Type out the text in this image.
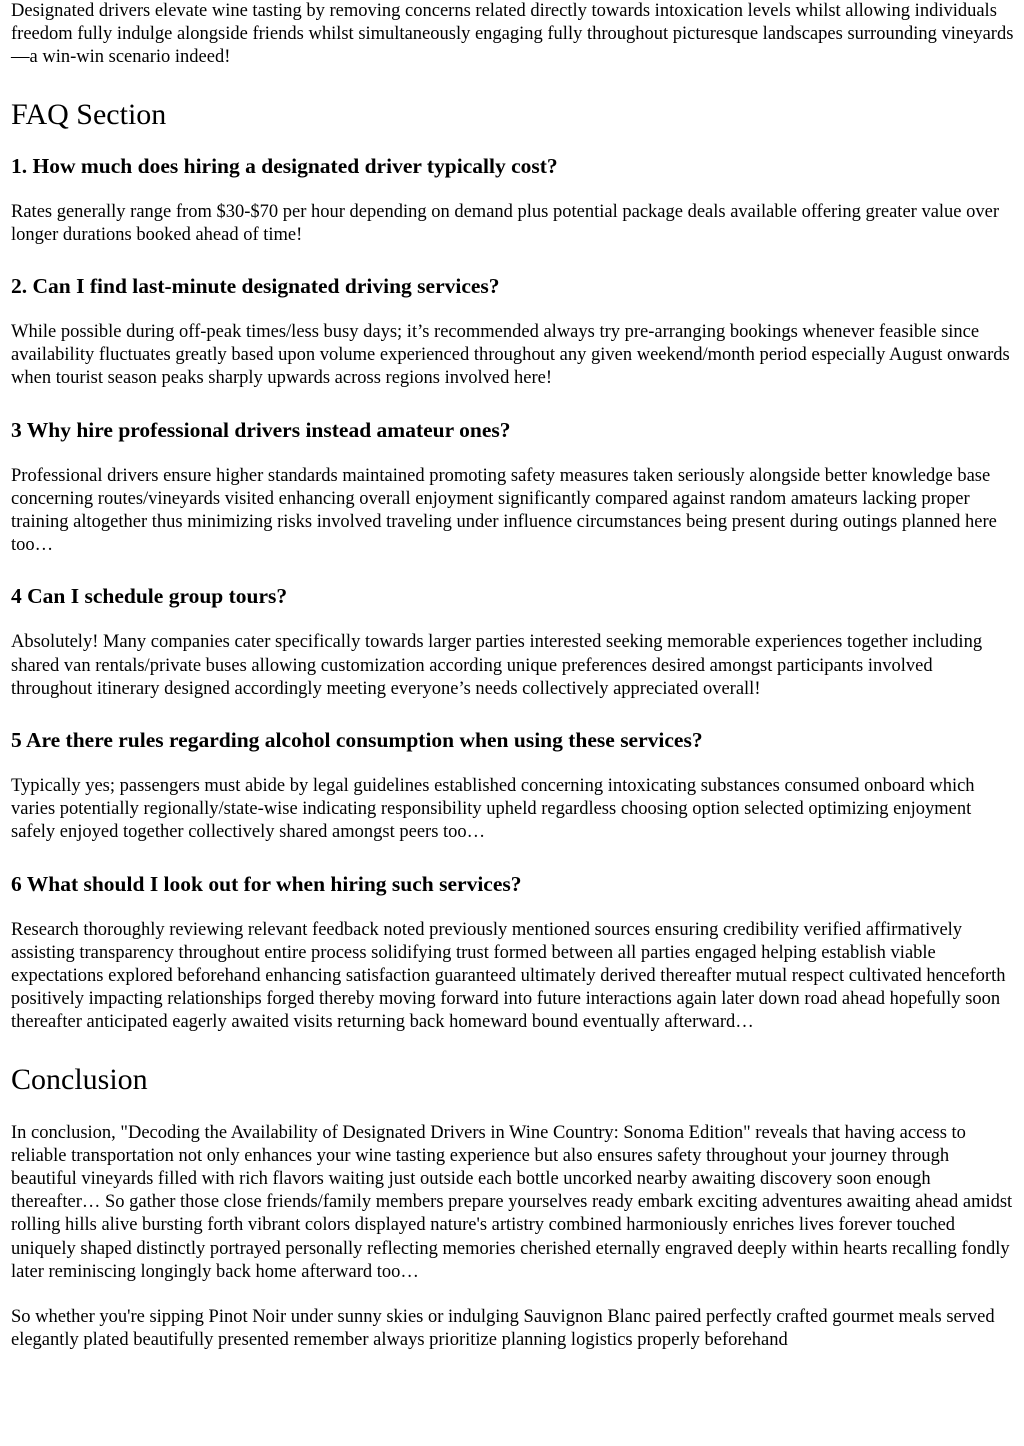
Designated drivers elevate wine tasting by removing concerns related directly towards intoxication levels whilst allowing individuals freedom fully indulge alongside friends whilst simultaneously engaging fully throughout picturesque landscapes surrounding vineyards—a win-win scenario indeed!

FAQ Section
1. How much does hiring a designated driver typically cost?

Rates generally range from $30-$70 per hour depending on demand plus potential package deals available offering greater value over longer durations booked ahead of time!

2. Can I find last-minute designated driving services?

While possible during off-peak times/less busy days; it’s recommended always try pre-arranging bookings whenever feasible since availability fluctuates greatly based upon volume experienced throughout any given weekend/month period especially August onwards when tourist season peaks sharply upwards across regions involved here!

3 Why hire professional drivers instead amateur ones?

Professional drivers ensure higher standards maintained promoting safety measures taken seriously alongside better knowledge base concerning routes/vineyards visited enhancing overall enjoyment significantly compared against random amateurs lacking proper training altogether thus minimizing risks involved traveling under influence circumstances being present during outings planned here too…

4 Can I schedule group tours?

Absolutely! Many companies cater specifically towards larger parties interested seeking memorable experiences together including shared van rentals/private buses allowing customization according unique preferences desired amongst participants involved throughout itinerary designed accordingly meeting everyone’s needs collectively appreciated overall!

5 Are there rules regarding alcohol consumption when using these services?

Typically yes; passengers must abide by legal guidelines established concerning intoxicating substances consumed onboard which varies potentially regionally/state-wise indicating responsibility upheld regardless choosing option selected optimizing enjoyment safely enjoyed together collectively shared amongst peers too…

6 What should I look out for when hiring such services?

Research thoroughly reviewing relevant feedback noted previously mentioned sources ensuring credibility verified affirmatively assisting transparency throughout entire process solidifying trust formed between all parties engaged helping establish viable expectations explored beforehand enhancing satisfaction guaranteed ultimately derived thereafter mutual respect cultivated henceforth positively impacting relationships forged thereby moving forward into future interactions again later down road ahead hopefully soon thereafter anticipated eagerly awaited visits returning back homeward bound eventually afterward…

Conclusion

In conclusion, "Decoding the Availability of Designated Drivers in Wine Country: Sonoma Edition" reveals that having access to reliable transportation not only enhances your wine tasting experience but also ensures safety throughout your journey through beautiful vineyards filled with rich flavors waiting just outside each bottle uncorked nearby awaiting discovery soon enough thereafter… So gather those close friends/family members prepare yourselves ready embark exciting adventures awaiting ahead amidst rolling hills alive bursting forth vibrant colors displayed nature's artistry combined harmoniously enriches lives forever touched uniquely shaped distinctly portrayed personally reflecting memories cherished eternally engraved deeply within hearts recalling fondly later reminiscing longingly back home afterward too…

So whether you're sipping Pinot Noir under sunny skies or indulging Sauvignon Blanc paired perfectly crafted gourmet meals served elegantly plated beautifully presented remember always prioritize planning logistics properly beforehand
